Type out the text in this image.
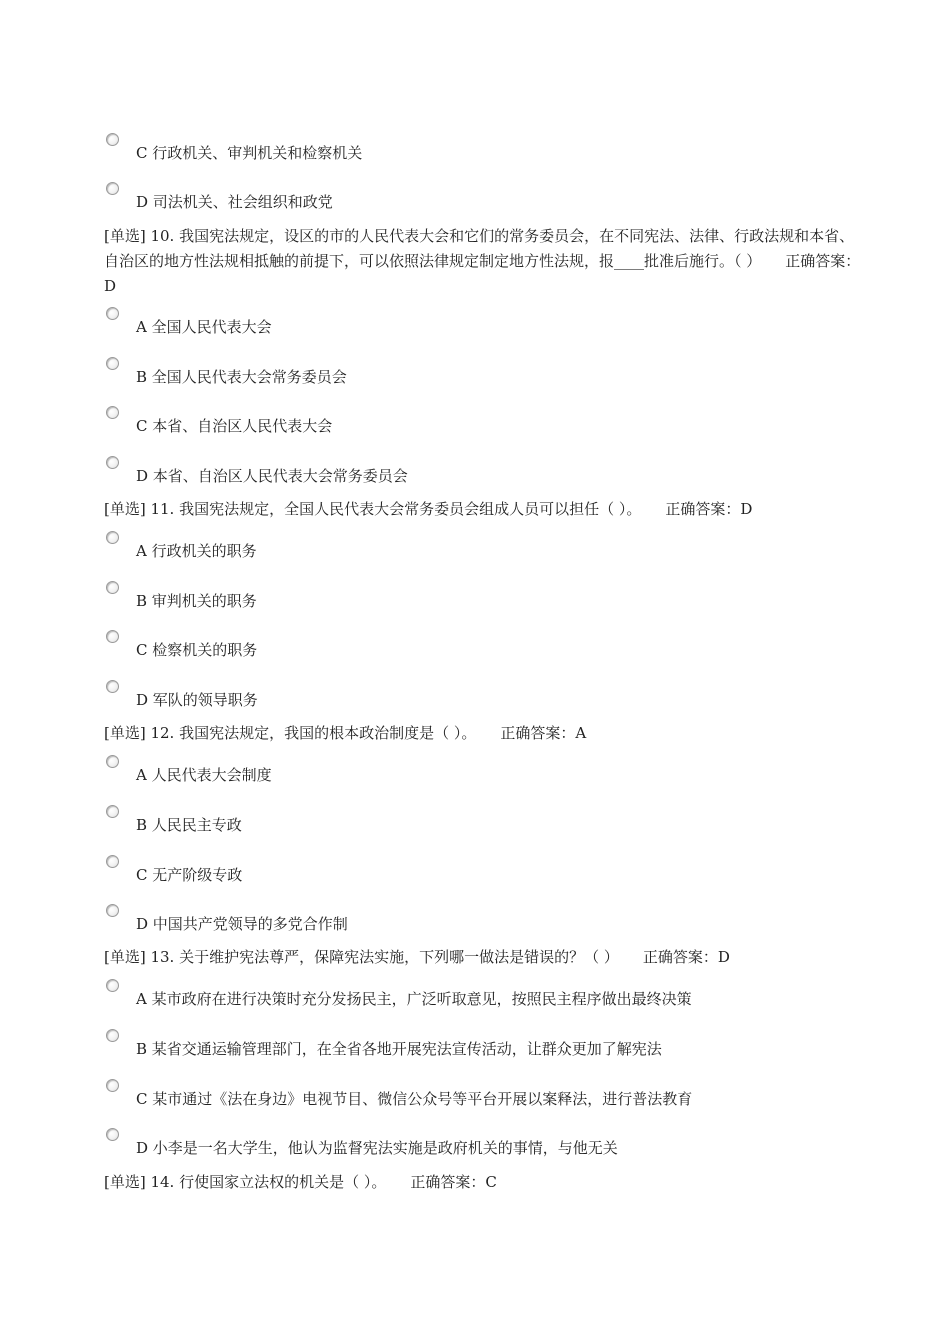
C 行政机关、审判机关和检察机关
D 司法机关、社会组织和政党
[单选] 10. 我国宪法规定，设区的市的人民代表大会和它们的常务委员会，在不同宪法、法律、行政法规和本省、自治区的地方性法规相抵触的前提下，可以依照法律规定制定地方性法规，报____批准后施行。（ ） 正确答案：D
A 全国人民代表大会
B 全国人民代表大会常务委员会
C 本省、自治区人民代表大会
D 本省、自治区人民代表大会常务委员会
[单选] 11. 我国宪法规定，全国人民代表大会常务委员会组成人员可以担任（ ）。 正确答案：D
A 行政机关的职务
B 审判机关的职务
C 检察机关的职务
D 军队的领导职务
[单选] 12. 我国宪法规定，我国的根本政治制度是（ ）。 正确答案：A
A 人民代表大会制度
B 人民民主专政
C 无产阶级专政
D 中国共产党领导的多党合作制
[单选] 13. 关于维护宪法尊严，保障宪法实施，下列哪一做法是错误的？（ ） 正确答案：D
A 某市政府在进行决策时充分发扬民主，广泛听取意见，按照民主程序做出最终决策
B 某省交通运输管理部门，在全省各地开展宪法宣传活动，让群众更加了解宪法
C 某市通过《法在身边》电视节目、微信公众号等平台开展以案释法，进行普法教育
D 小李是一名大学生，他认为监督宪法实施是政府机关的事情，与他无关
[单选] 14. 行使国家立法权的机关是（ ）。 正确答案：C
